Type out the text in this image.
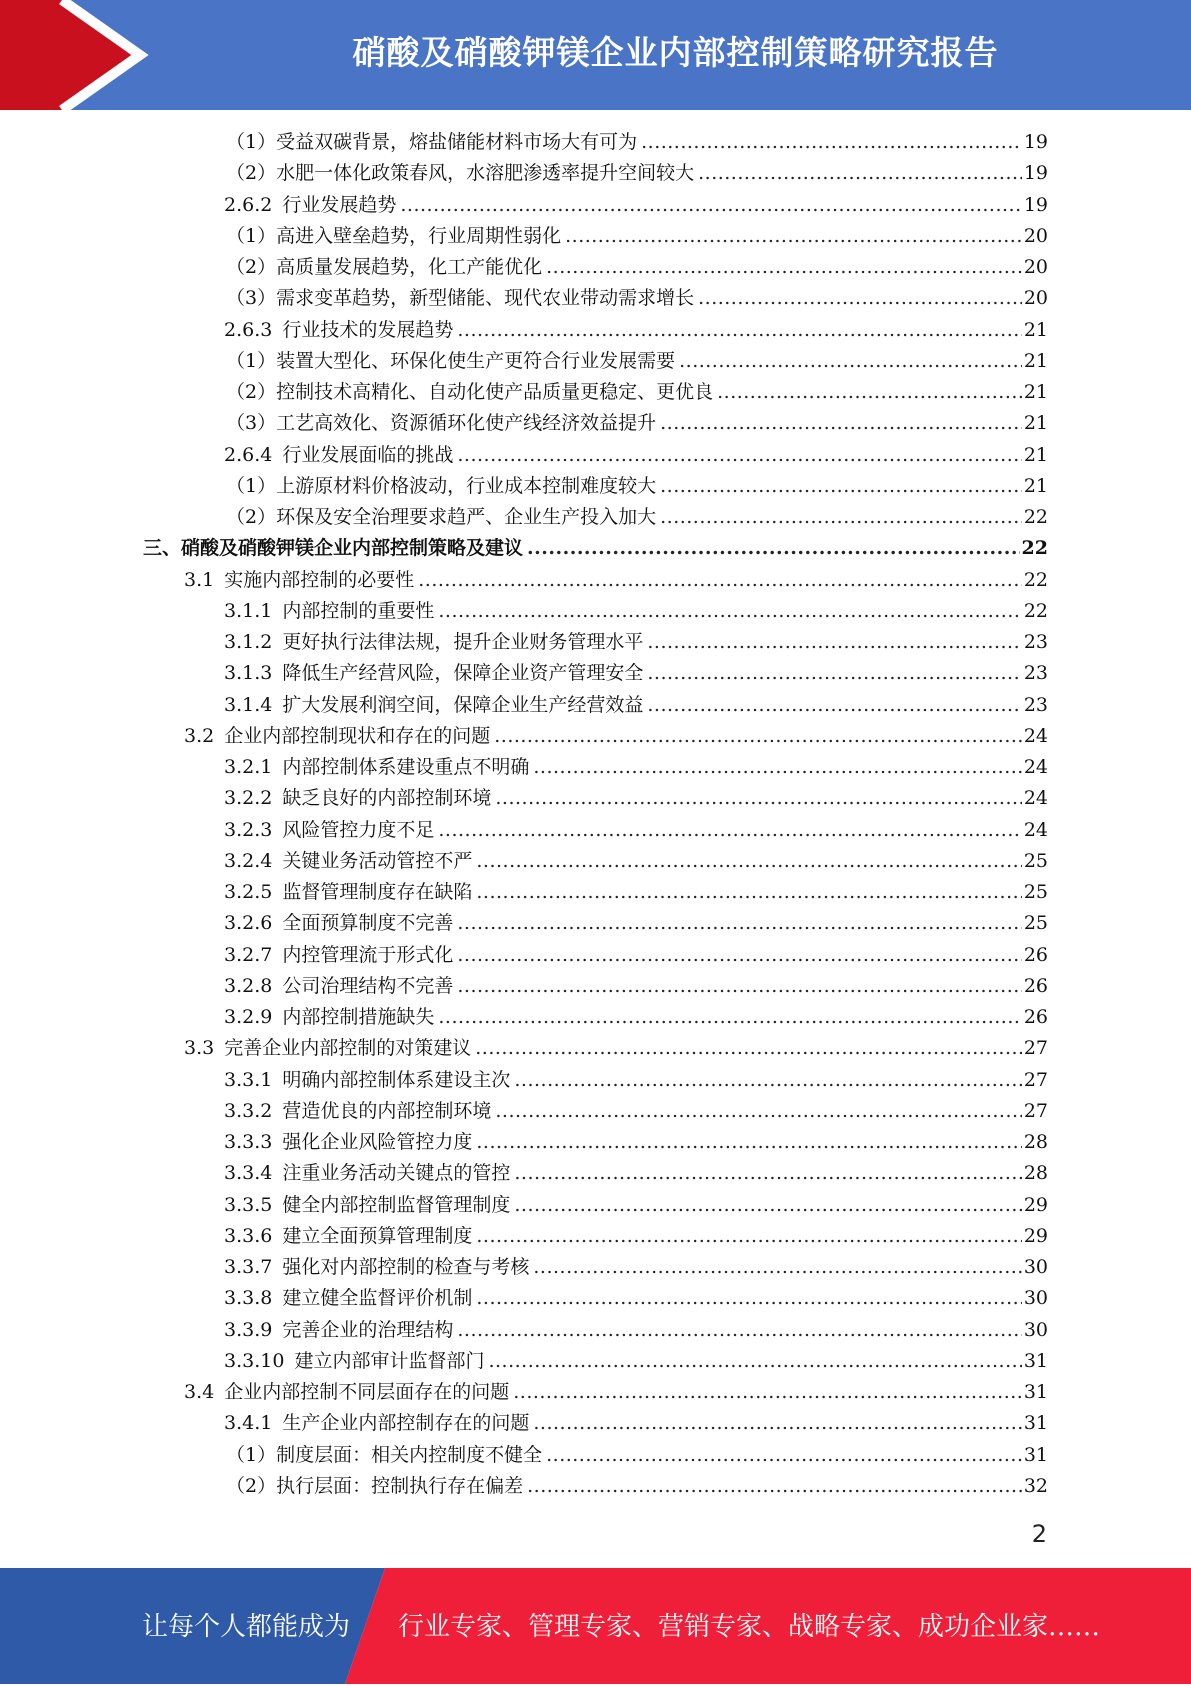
硝酸及硝酸钾镁企业内部控制策略研究报告
（1）受益双碳背景，熔盐储能材料市场大有可为 .....	19
（2）水肥一体化政策春风，水溶肥渗透率提升空间较大 .....	19
2.6.2 行业发展趋势 .....	19
（1）高进入壁垒趋势，行业周期性弱化 .....	20
（2）高质量发展趋势，化工产能优化 .....	20
（3）需求变革趋势，新型储能、现代农业带动需求增长 .....	20
2.6.3 行业技术的发展趋势 .....	21
（1）装置大型化、环保化使生产更符合行业发展需要 .....	21
（2）控制技术高精化、自动化使产品质量更稳定、更优良 .....	21
（3）工艺高效化、资源循环化使产线经济效益提升 .....	21
2.6.4 行业发展面临的挑战 .....	21
（1）上游原材料价格波动，行业成本控制难度较大 .....	21
（2）环保及安全治理要求趋严、企业生产投入加大 .....	22
三、硝酸及硝酸钾镁企业内部控制策略及建议 .....	22
3.1 实施内部控制的必要性 .....	22
3.1.1 内部控制的重要性 .....	22
3.1.2 更好执行法律法规，提升企业财务管理水平 .....	23
3.1.3 降低生产经营风险，保障企业资产管理安全 .....	23
3.1.4 扩大发展利润空间，保障企业生产经营效益 .....	23
3.2 企业内部控制现状和存在的问题 .....	24
3.2.1 内部控制体系建设重点不明确 .....	24
3.2.2 缺乏良好的内部控制环境 .....	24
3.2.3 风险管控力度不足 .....	24
3.2.4 关键业务活动管控不严 .....	25
3.2.5 监督管理制度存在缺陷 .....	25
3.2.6 全面预算制度不完善 .....	25
3.2.7 内控管理流于形式化 .....	26
3.2.8 公司治理结构不完善 .....	26
3.2.9 内部控制措施缺失 .....	26
3.3 完善企业内部控制的对策建议 .....	27
3.3.1 明确内部控制体系建设主次 .....	27
3.3.2 营造优良的内部控制环境 .....	27
3.3.3 强化企业风险管控力度 .....	28
3.3.4 注重业务活动关键点的管控 .....	28
3.3.5 健全内部控制监督管理制度 .....	29
3.3.6 建立全面预算管理制度 .....	29
3.3.7 强化对内部控制的检查与考核 .....	30
3.3.8 建立健全监督评价机制 .....	30
3.3.9 完善企业的治理结构 .....	30
3.3.10 建立内部审计监督部门 .....	31
3.4 企业内部控制不同层面存在的问题 .....	31
3.4.1 生产企业内部控制存在的问题 .....	31
（1）制度层面：相关内控制度不健全 .....	31
（2）执行层面：控制执行存在偏差 .....	32
2
让每个人都能成为 行业专家、管理专家、营销专家、战略专家、成功企业家……
